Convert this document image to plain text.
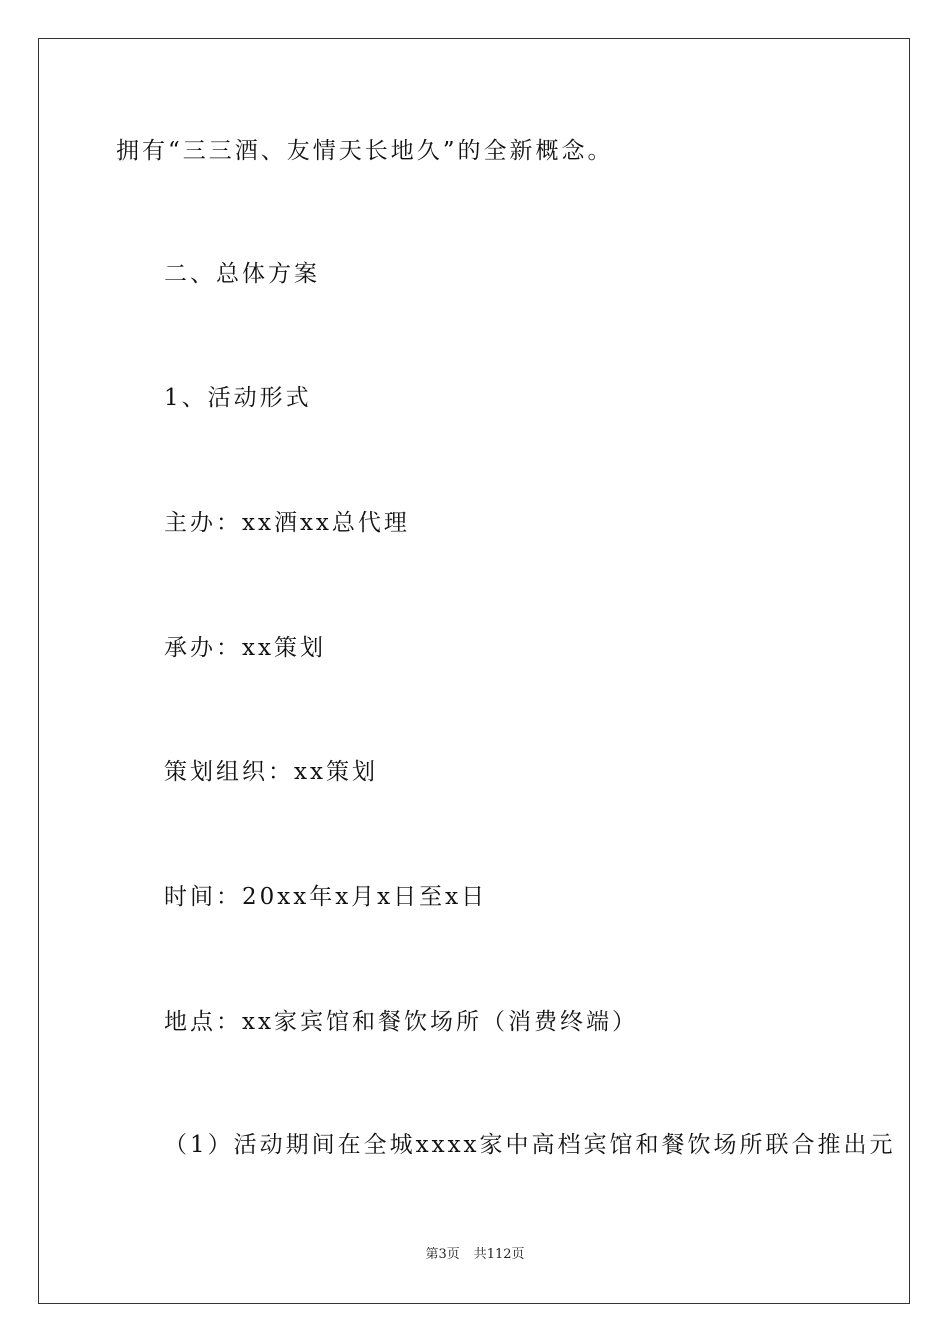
拥有“三三酒、友情天长地久”的全新概念。
二、总体方案
1、活动形式
主办：xx酒xx总代理
承办：xx策划
策划组织：xx策划
时间：20xx年x月x日至x日
地点：xx家宾馆和餐饮场所（消费终端）
（1）活动期间在全城xxxx家中高档宾馆和餐饮场所联合推出元
第3页 共112页
